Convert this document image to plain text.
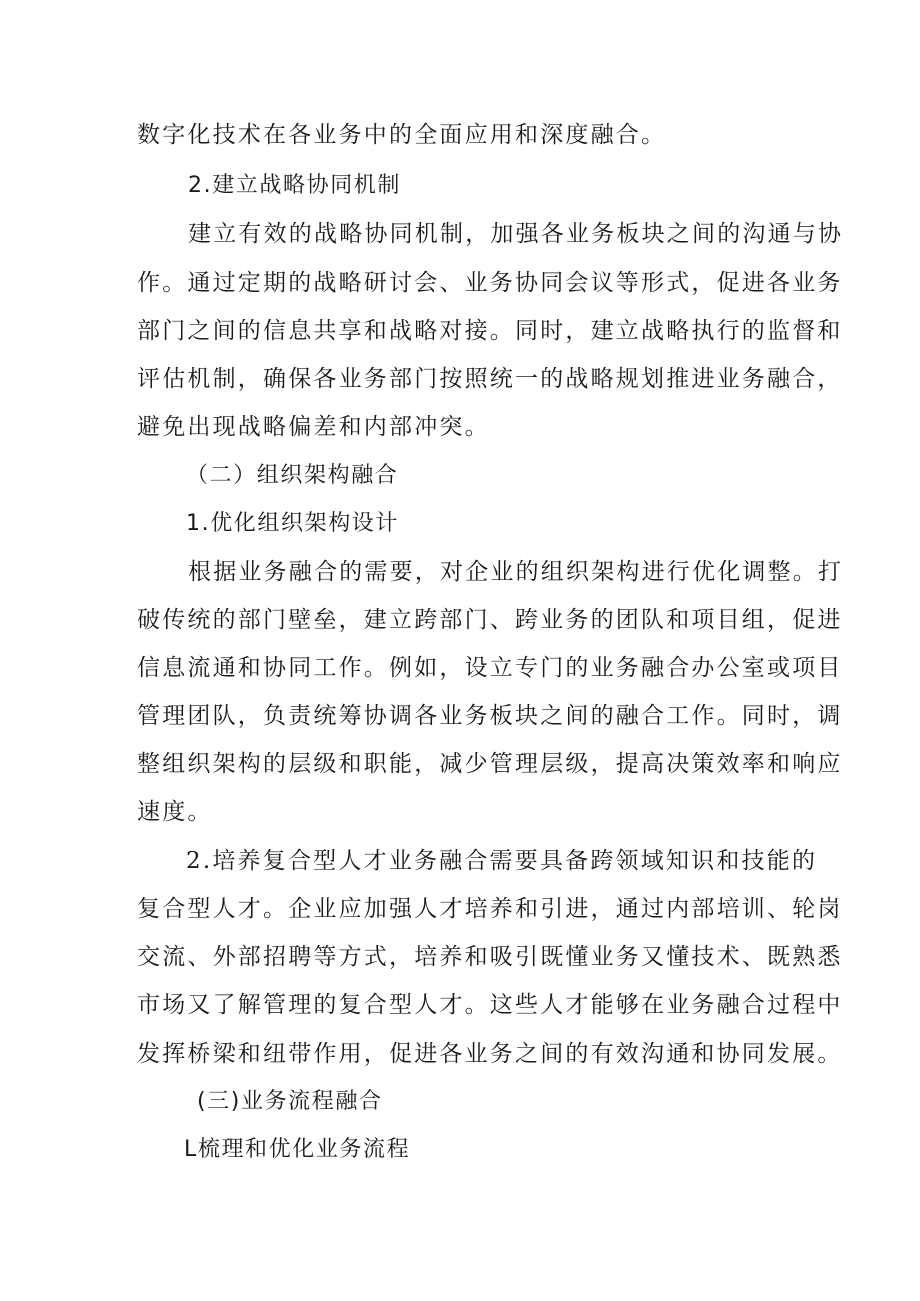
数字化技术在各业务中的全面应用和深度融合。
2.建立战略协同机制
建立有效的战略协同机制，加强各业务板块之间的沟通与协
作。通过定期的战略研讨会、业务协同会议等形式，促进各业务
部门之间的信息共享和战略对接。同时，建立战略执行的监督和
评估机制，确保各业务部门按照统一的战略规划推进业务融合，
避免出现战略偏差和内部冲突。
（二）组织架构融合
1.优化组织架构设计
根据业务融合的需要，对企业的组织架构进行优化调整。打
破传统的部门壁垒，建立跨部门、跨业务的团队和项目组，促进
信息流通和协同工作。例如，设立专门的业务融合办公室或项目
管理团队，负责统筹协调各业务板块之间的融合工作。同时，调
整组织架构的层级和职能，减少管理层级，提高决策效率和响应
速度。
2.培养复合型人才业务融合需要具备跨领域知识和技能的
复合型人才。企业应加强人才培养和引进，通过内部培训、轮岗
交流、外部招聘等方式，培养和吸引既懂业务又懂技术、既熟悉
市场又了解管理的复合型人才。这些人才能够在业务融合过程中
发挥桥梁和纽带作用，促进各业务之间的有效沟通和协同发展。
(三)业务流程融合
L梳理和优化业务流程
